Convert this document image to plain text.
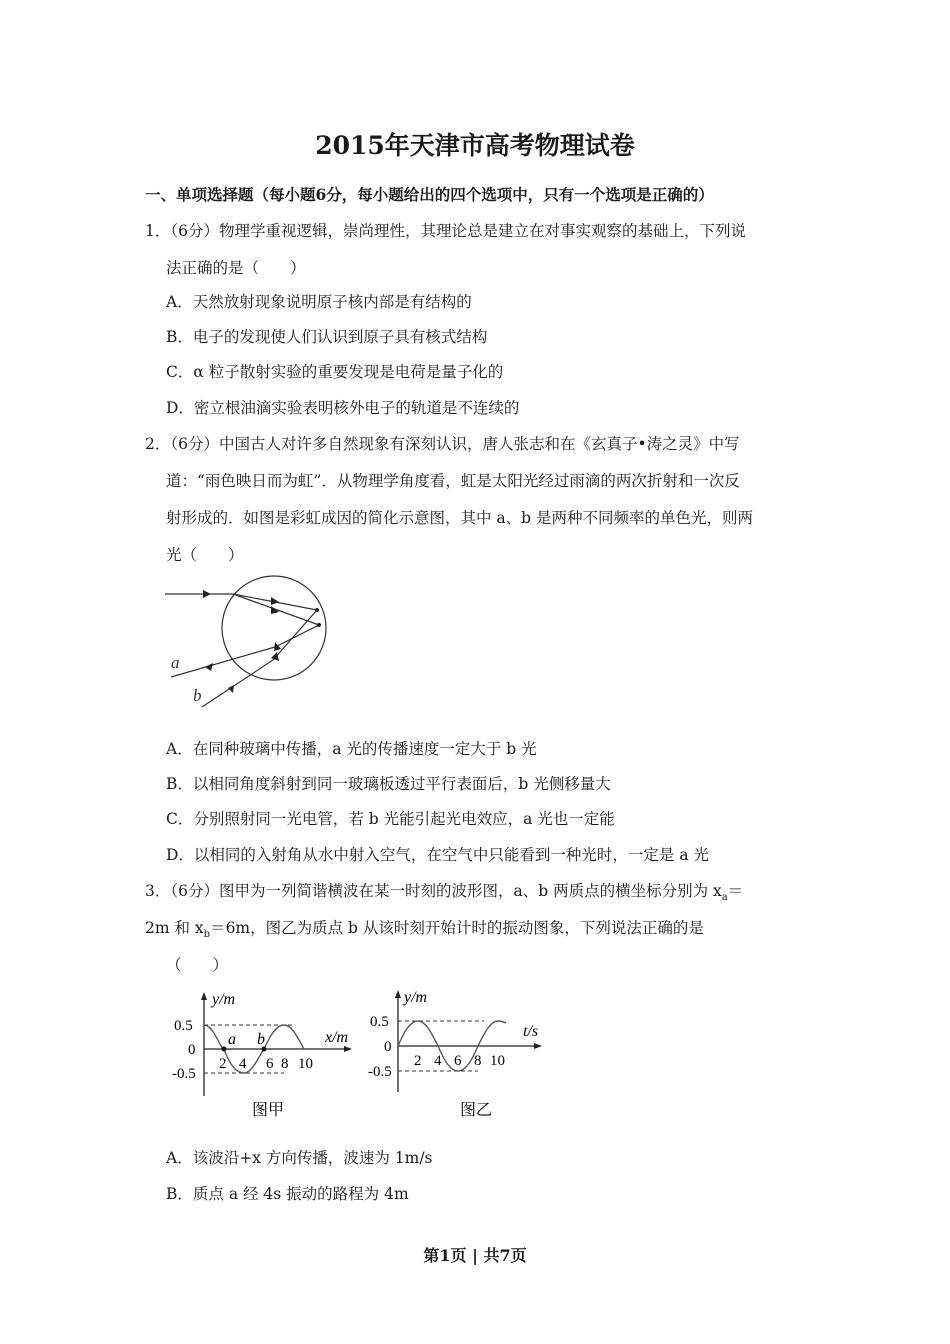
2015年天津市高考物理试卷
一、单项选择题（每小题6分，每小题给出的四个选项中，只有一个选项是正确的）
1．（6分）物理学重视逻辑，崇尚理性，其理论总是建立在对事实观察的基础上，下列说
法正确的是（　　）
A．天然放射现象说明原子核内部是有结构的
B．电子的发现使人们认识到原子具有核式结构
C．α 粒子散射实验的重要发现是电荷是量子化的
D．密立根油滴实验表明核外电子的轨道是不连续的
2．（6分）中国古人对许多自然现象有深刻认识，唐人张志和在《玄真子•涛之灵》中写
道：“雨色映日而为虹”．从物理学角度看，虹是太阳光经过雨滴的两次折射和一次反
射形成的．如图是彩虹成因的简化示意图，其中 a、b 是两种不同频率的单色光，则两
光（　　）
a
b
A．在同种玻璃中传播，a 光的传播速度一定大于 b 光
B．以相同角度斜射到同一玻璃板透过平行表面后，b 光侧移量大
C．分别照射同一光电管，若 b 光能引起光电效应，a 光也一定能
D．以相同的入射角从水中射入空气，在空气中只能看到一种光时，一定是 a 光
3．（6分）图甲为一列简谐横波在某一时刻的波形图，a、b 两质点的横坐标分别为 $x_a=$
2m 和 $x_b=6m$，图乙为质点 b 从该时刻开始计时的振动图象，下列说法正确的是
（　　）
y/m
x/m
0.5
0
-0.5
2 4 6 8 10
a b
图甲
y/m
t/s
0.5
0
-0.5
2 4 6 8 10
图乙
A．该波沿+x 方向传播，波速为 1m/s
B．质点 a 经 4s 振动的路程为 4m
第1页 | 共7页
